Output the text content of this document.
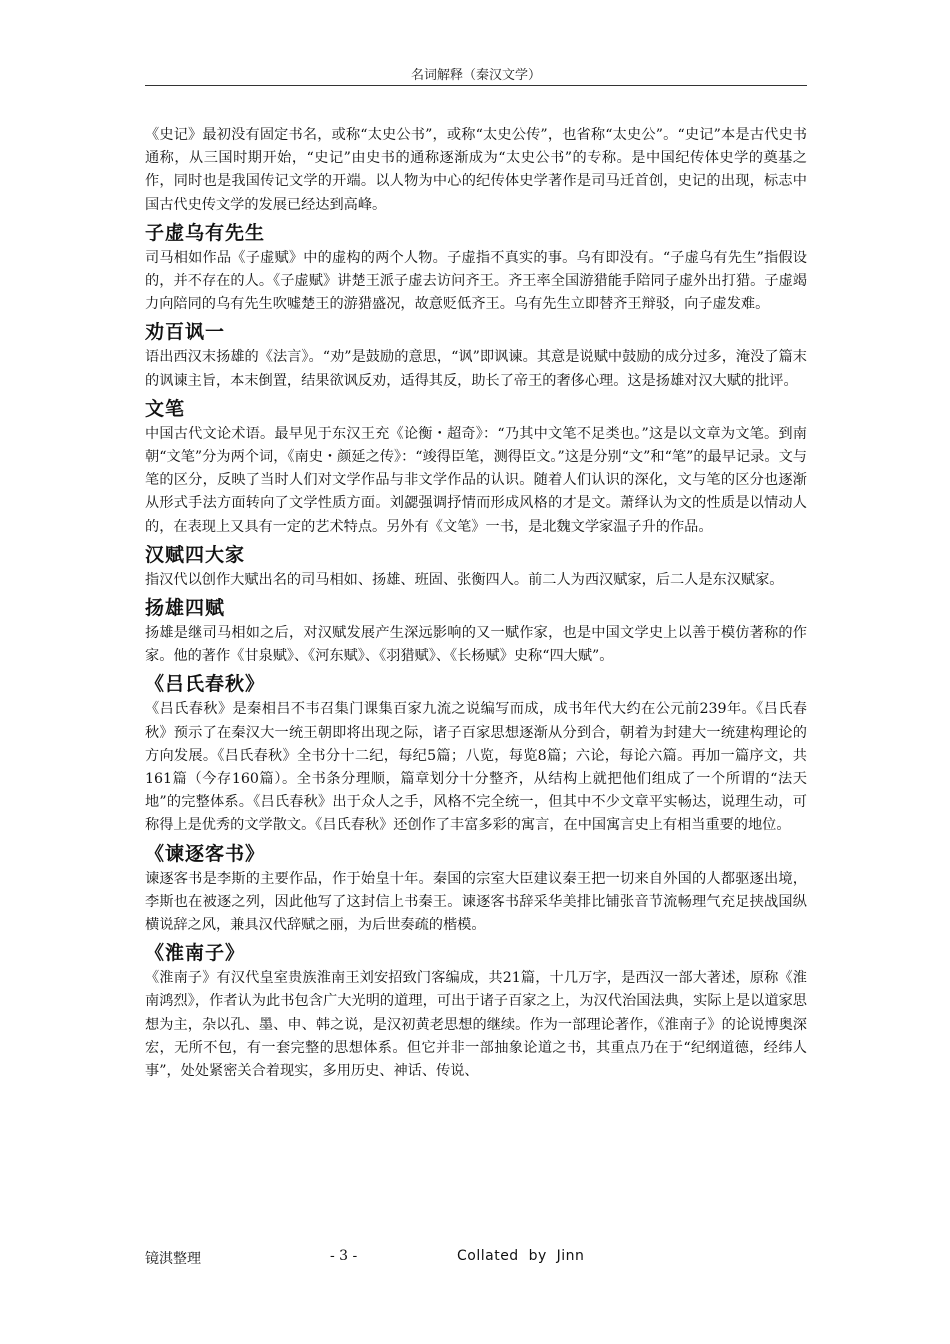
名词解释（秦汉文学）

《史记》最初没有固定书名，或称“太史公书”，或称“太史公传”，也省称“太史公”。“史记”本是古代史书通称，从三国时期开始，“史记”由史书的通称逐渐成为“太史公书”的专称。是中国纪传体史学的奠基之作，同时也是我国传记文学的开端。以人物为中心的纪传体史学著作是司马迁首创，史记的出现，标志中国古代史传文学的发展已经达到高峰。

子虚乌有先生

司马相如作品《子虚赋》中的虚构的两个人物。子虚指不真实的事。乌有即没有。“子虚乌有先生”指假设的，并不存在的人。《子虚赋》讲楚王派子虚去访问齐王。齐王率全国游猎能手陪同子虚外出打猎。子虚竭力向陪同的乌有先生吹嘘楚王的游猎盛况，故意贬低齐王。乌有先生立即替齐王辩驳，向子虚发难。

劝百讽一

语出西汉末扬雄的《法言》。“劝”是鼓励的意思，“讽”即讽谏。其意是说赋中鼓励的成分过多，淹没了篇末的讽谏主旨，本末倒置，结果欲讽反劝，适得其反，助长了帝王的奢侈心理。这是扬雄对汉大赋的批评。

文笔

中国古代文论术语。最早见于东汉王充《论衡・超奇》：“乃其中文笔不足类也。”这是以文章为文笔。到南朝“文笔”分为两个词，《南史・颜延之传》：“竣得臣笔，测得臣文。”这是分别“文”和“笔”的最早记录。文与笔的区分，反映了当时人们对文学作品与非文学作品的认识。随着人们认识的深化，文与笔的区分也逐渐从形式手法方面转向了文学性质方面。刘勰强调抒情而形成风格的才是文。萧绎认为文的性质是以情动人的，在表现上又具有一定的艺术特点。另外有《文笔》一书，是北魏文学家温子升的作品。

汉赋四大家

指汉代以创作大赋出名的司马相如、扬雄、班固、张衡四人。前二人为西汉赋家，后二人是东汉赋家。

扬雄四赋

扬雄是继司马相如之后，对汉赋发展产生深远影响的又一赋作家，也是中国文学史上以善于模仿著称的作家。他的著作《甘泉赋》、《河东赋》、《羽猎赋》、《长杨赋》史称“四大赋”。

《吕氏春秋》

《吕氏春秋》是秦相吕不韦召集门课集百家九流之说编写而成，成书年代大约在公元前239年。《吕氏春秋》预示了在秦汉大一统王朝即将出现之际，诸子百家思想逐渐从分到合，朝着为封建大一统建构理论的方向发展。《吕氏春秋》全书分十二纪，每纪5篇；八览，每览8篇；六论，每论六篇。再加一篇序文，共161篇（今存160篇）。全书条分理顺，篇章划分十分整齐，从结构上就把他们组成了一个所谓的“法天地”的完整体系。《吕氏春秋》出于众人之手，风格不完全统一，但其中不少文章平实畅达，说理生动，可称得上是优秀的文学散文。《吕氏春秋》还创作了丰富多彩的寓言，在中国寓言史上有相当重要的地位。

《谏逐客书》

谏逐客书是李斯的主要作品，作于始皇十年。秦国的宗室大臣建议秦王把一切来自外国的人都驱逐出境，李斯也在被逐之列，因此他写了这封信上书秦王。谏逐客书辞采华美排比铺张音节流畅理气充足挟战国纵横说辞之风，兼具汉代辞赋之丽，为后世奏疏的楷模。

《淮南子》

《淮南子》有汉代皇室贵族淮南王刘安招致门客编成，共21篇，十几万字，是西汉一部大著述，原称《淮南鸿烈》，作者认为此书包含广大光明的道理，可出于诸子百家之上，为汉代治国法典，实际上是以道家思想为主，杂以孔、墨、申、韩之说，是汉初黄老思想的继续。作为一部理论著作，《淮南子》的论说博奥深宏，无所不包，有一套完整的思想体系。但它并非一部抽象论道之书，其重点乃在于“纪纲道德，经纬人事”，处处紧密关合着现实，多用历史、神话、传说、

镜淇整理	- 3 -	Collated  by  Jinn
